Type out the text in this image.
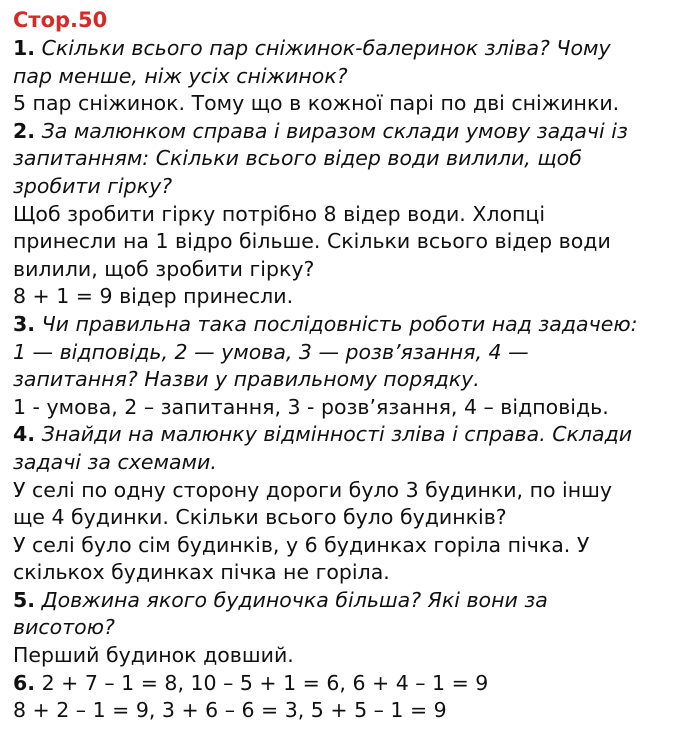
Стор.50
1. Скільки всього пар сніжинок-балеринок зліва? Чому
пар менше, ніж усіх сніжинок?
5 пар сніжинок. Тому що в кожної парі по дві сніжинки.
2. За малюнком справа і виразом склади умову задачі із
запитанням: Скільки всього відер води вилили, щоб
зробити гірку?
Щоб зробити гірку потрібно 8 відер води. Хлопці
принесли на 1 відро більше. Скільки всього відер води
вилили, щоб зробити гірку?
8 + 1 = 9 відер принесли.
3. Чи правильна така послідовність роботи над задачею:
1 — відповідь, 2 — умова, 3 — розв’язання, 4 —
запитання? Назви у правильному порядку.
1 - умова, 2 – запитання, 3 - розв’язання, 4 – відповідь.
4. Знайди на малюнку відмінності зліва і справа. Склади
задачі за схемами.
У селі по одну сторону дороги було 3 будинки, по іншу
ще 4 будинки. Скільки всього було будинків?
У селі було сім будинків, у 6 будинках горіла пічка. У
скількох будинках пічка не горіла.
5. Довжина якого будиночка більша? Які вони за
висотою?
Перший будинок довший.
6. 2 + 7 – 1 = 8, 10 – 5 + 1 = 6, 6 + 4 – 1 = 9
8 + 2 – 1 = 9, 3 + 6 – 6 = 3, 5 + 5 – 1 = 9
